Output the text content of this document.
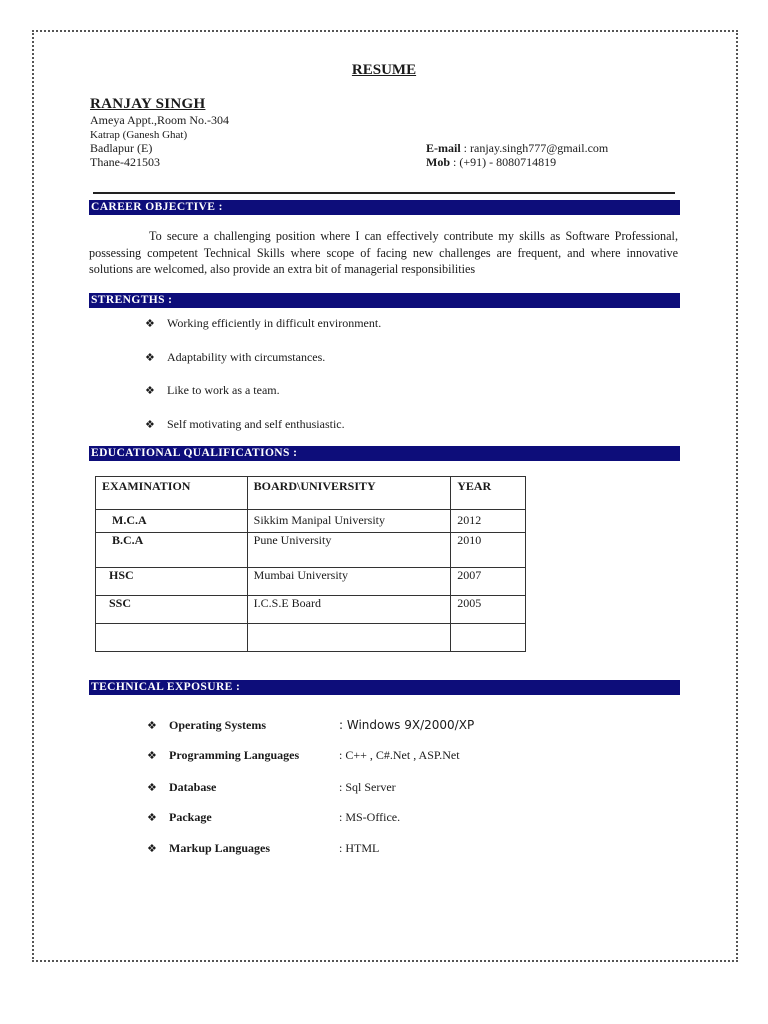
RESUME
RANJAY SINGH
Ameya Appt.,Room No.-304
Katrap (Ganesh Ghat)
Badlapur (E)
Thane-421503
E-mail : ranjay.singh777@gmail.com
Mob : (+91) - 8080714819
CAREER OBJECTIVE :

To secure a challenging position where I can effectively contribute my skills as Software Professional, possessing competent Technical Skills where scope of facing new challenges are frequent, and where innovative solutions are welcomed, also provide an extra bit of managerial responsibilities

STRENGTHS :
❖ Working efficiently in difficult environment.
❖ Adaptability with circumstances.
❖ Like to work as a team.
❖ Self motivating and self enthusiastic.
EDUCATIONAL QUALIFICATIONS :
EXAMINATION	BOARD\UNIVERSITY	YEAR
M.C.A	Sikkim Manipal University	2012
B.C.A	Pune University	2010
HSC	Mumbai University	2007
SSC	I.C.S.E Board	2005

TECHNICAL EXPOSURE :
❖ Operating Systems	: Windows 9X/2000/XP
❖ Programming Languages	: C++ , C#.Net , ASP.Net
❖ Database	: Sql Server
❖ Package	: MS-Office.
❖ Markup Languages	: HTML
